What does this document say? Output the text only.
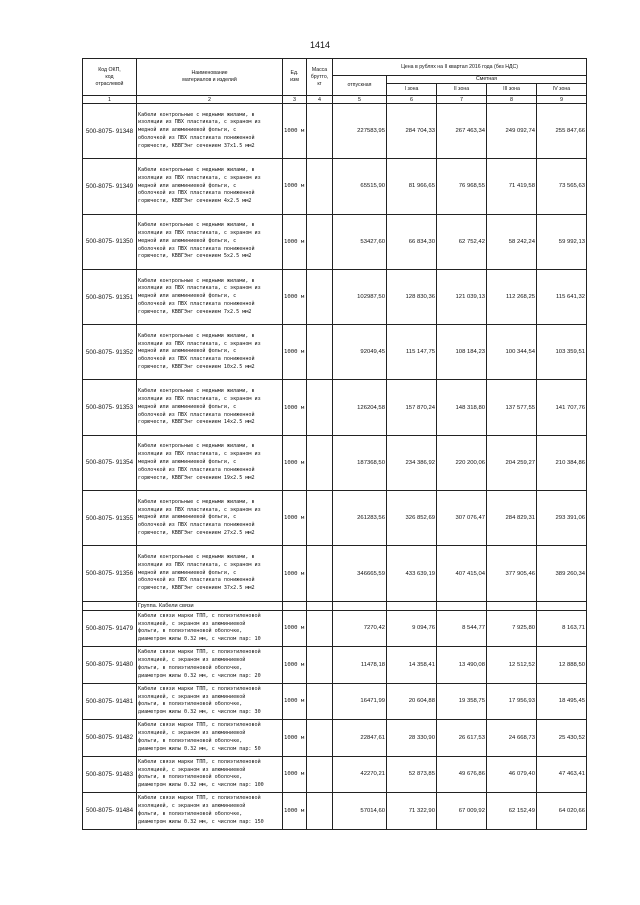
1414
Код ОКП,
код
отраслевой	Наименование
материалов и изделий	Ед.
изм	Масса
брутто,
кг	Цена в рублях на II квартал 2016 года (без НДС)				
				отпускная	Сметная			
					I зона	II зона	III зона	IV зона

1	2	3	4	5	6	7	8	9
500-8075- 91348	Кабели контрольные с медными жилами, в
изоляции из ПВХ пластиката, с экраном из
медной или алюминиевой фольги, с
оболочкой из ПВХ пластиката пониженной
горючести, КВВГЭнг сечением 37х1.5 мм2	1000 м		227583,95	284 704,33	267 463,34	249 092,74	255 847,66
500-8075- 91349	Кабели контрольные с медными жилами, в
изоляции из ПВХ пластиката, с экраном из
медной или алюминиевой фольги, с
оболочкой из ПВХ пластиката пониженной
горючести, КВВГЭнг сечением 4х2.5 мм2	1000 м		65515,90	81 966,65	76 968,55	71 419,58	73 565,63
500-8075- 91350	Кабели контрольные с медными жилами, в
изоляции из ПВХ пластиката, с экраном из
медной или алюминиевой фольги, с
оболочкой из ПВХ пластиката пониженной
горючести, КВВГЭнг сечением 5х2.5 мм2	1000 м		53427,60	66 834,30	62 752,42	58 242,24	59 992,13
500-8075- 91351	Кабели контрольные с медными жилами, в
изоляции из ПВХ пластиката, с экраном из
медной или алюминиевой фольги, с
оболочкой из ПВХ пластиката пониженной
горючести, КВВГЭнг сечением 7х2.5 мм2	1000 м		102987,50	128 830,36	121 039,13	112 268,25	115 641,32
500-8075- 91352	Кабели контрольные с медными жилами, в
изоляции из ПВХ пластиката, с экраном из
медной или алюминиевой фольги, с
оболочкой из ПВХ пластиката пониженной
горючести, КВВГЭнг сечением 10х2.5 мм2	1000 м		92049,45	115 147,75	108 184,23	100 344,54	103 359,51
500-8075- 91353	Кабели контрольные с медными жилами, в
изоляции из ПВХ пластиката, с экраном из
медной или алюминиевой фольги, с
оболочкой из ПВХ пластиката пониженной
горючести, КВВГЭнг сечением 14х2.5 мм2	1000 м		126204,58	157 870,24	148 318,80	137 577,55	141 707,76
500-8075- 91354	Кабели контрольные с медными жилами, в
изоляции из ПВХ пластиката, с экраном из
медной или алюминиевой фольги, с
оболочкой из ПВХ пластиката пониженной
горючести, КВВГЭнг сечением 19х2.5 мм2	1000 м		187368,50	234 386,92	220 200,06	204 259,27	210 384,86
500-8075- 91355	Кабели контрольные с медными жилами, в
изоляции из ПВХ пластиката, с экраном из
медной или алюминиевой фольги, с
оболочкой из ПВХ пластиката пониженной
горючести, КВВГЭнг сечением 27х2.5 мм2	1000 м		261283,56	326 852,69	307 076,47	284 829,31	293 391,06
500-8075- 91356	Кабели контрольные с медными жилами, в
изоляции из ПВХ пластиката, с экраном из
медной или алюминиевой фольги, с
оболочкой из ПВХ пластиката пониженной
горючести, КВВГЭнг сечением 37х2.5 мм2	1000 м		346665,59	433 639,19	407 415,04	377 905,46	389 260,34
	Группа. Кабели связи							
500-8075- 91479	Кабели связи марки ТПП, с полиэтиленовой
изоляцией, с экраном из алюминиевой
фольги, в полиэтиленовой оболочке,
диаметром жилы 0.32 мм, с числом пар: 10	1000 м		7270,42	9 094,76	8 544,77	7 925,80	8 163,71
500-8075- 91480	Кабели связи марки ТПП, с полиэтиленовой
изоляцией, с экраном из алюминиевой
фольги, в полиэтиленовой оболочке,
диаметром жилы 0.32 мм, с числом пар: 20	1000 м		11478,18	14 358,41	13 490,08	12 512,52	12 888,50
500-8075- 91481	Кабели связи марки ТПП, с полиэтиленовой
изоляцией, с экраном из алюминиевой
фольги, в полиэтиленовой оболочке,
диаметром жилы 0.32 мм, с числом пар: 30	1000 м		16471,99	20 604,88	19 358,75	17 956,93	18 495,45
500-8075- 91482	Кабели связи марки ТПП, с полиэтиленовой
изоляцией, с экраном из алюминиевой
фольги, в полиэтиленовой оболочке,
диаметром жилы 0.32 мм, с числом пар: 50	1000 м		22847,61	28 330,90	26 617,53	24 668,73	25 430,52
500-8075- 91483	Кабели связи марки ТПП, с полиэтиленовой
изоляцией, с экраном из алюминиевой
фольги, в полиэтиленовой оболочке,
диаметром жилы 0.32 мм, с числом пар: 100	1000 м		42270,21	52 873,85	49 676,86	46 079,40	47 463,41
500-8075- 91484	Кабели связи марки ТПП, с полиэтиленовой
изоляцией, с экраном из алюминиевой
фольги, в полиэтиленовой оболочке,
диаметром жилы 0.32 мм, с числом пар: 150	1000 м		57014,60	71 322,90	67 009,92	62 152,49	64 020,66
